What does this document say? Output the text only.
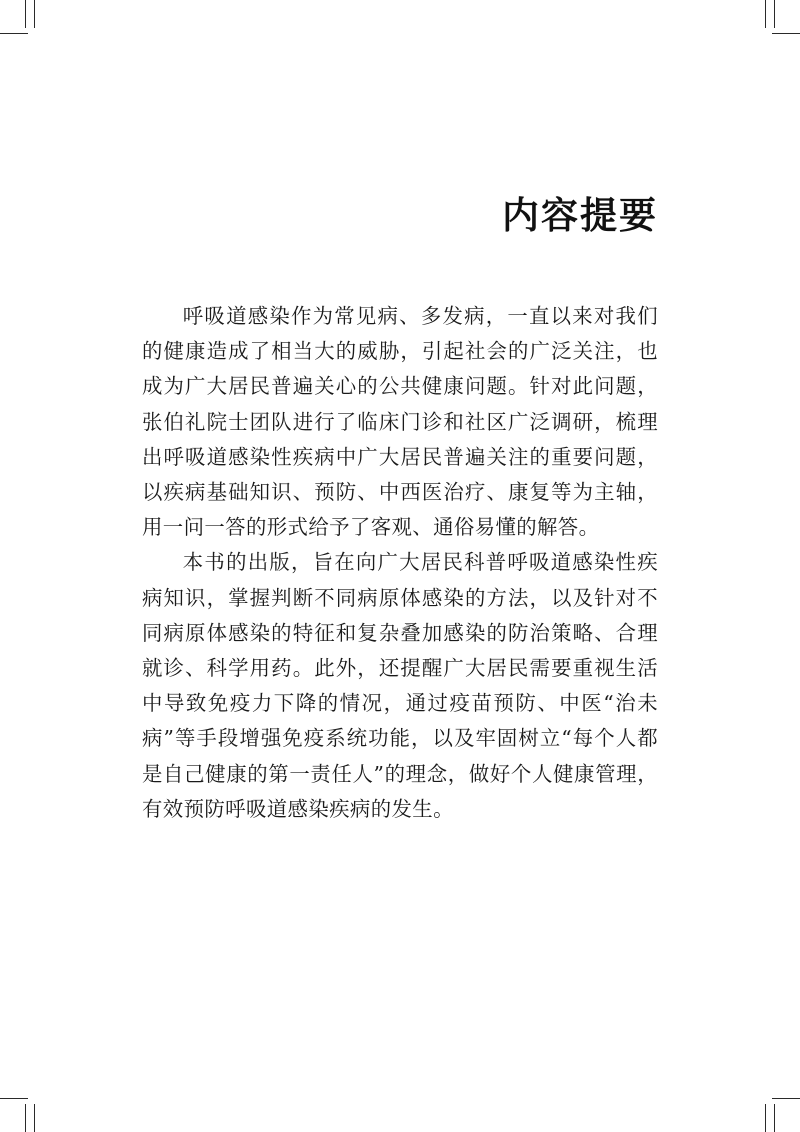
内容提要

呼吸道感染作为常见病、多发病，一直以来对我们的健康造成了相当大的威胁，引起社会的广泛关注，也成为广大居民普遍关心的公共健康问题。针对此问题，张伯礼院士团队进行了临床门诊和社区广泛调研，梳理出呼吸道感染性疾病中广大居民普遍关注的重要问题，以疾病基础知识、预防、中西医治疗、康复等为主轴，用一问一答的形式给予了客观、通俗易懂的解答。

本书的出版，旨在向广大居民科普呼吸道感染性疾病知识，掌握判断不同病原体感染的方法，以及针对不同病原体感染的特征和复杂叠加感染的防治策略、合理就诊、科学用药。此外，还提醒广大居民需要重视生活中导致免疫力下降的情况，通过疫苗预防、中医“治未病”等手段增强免疫系统功能，以及牢固树立“每个人都是自己健康的第一责任人”的理念，做好个人健康管理，有效预防呼吸道感染疾病的发生。
